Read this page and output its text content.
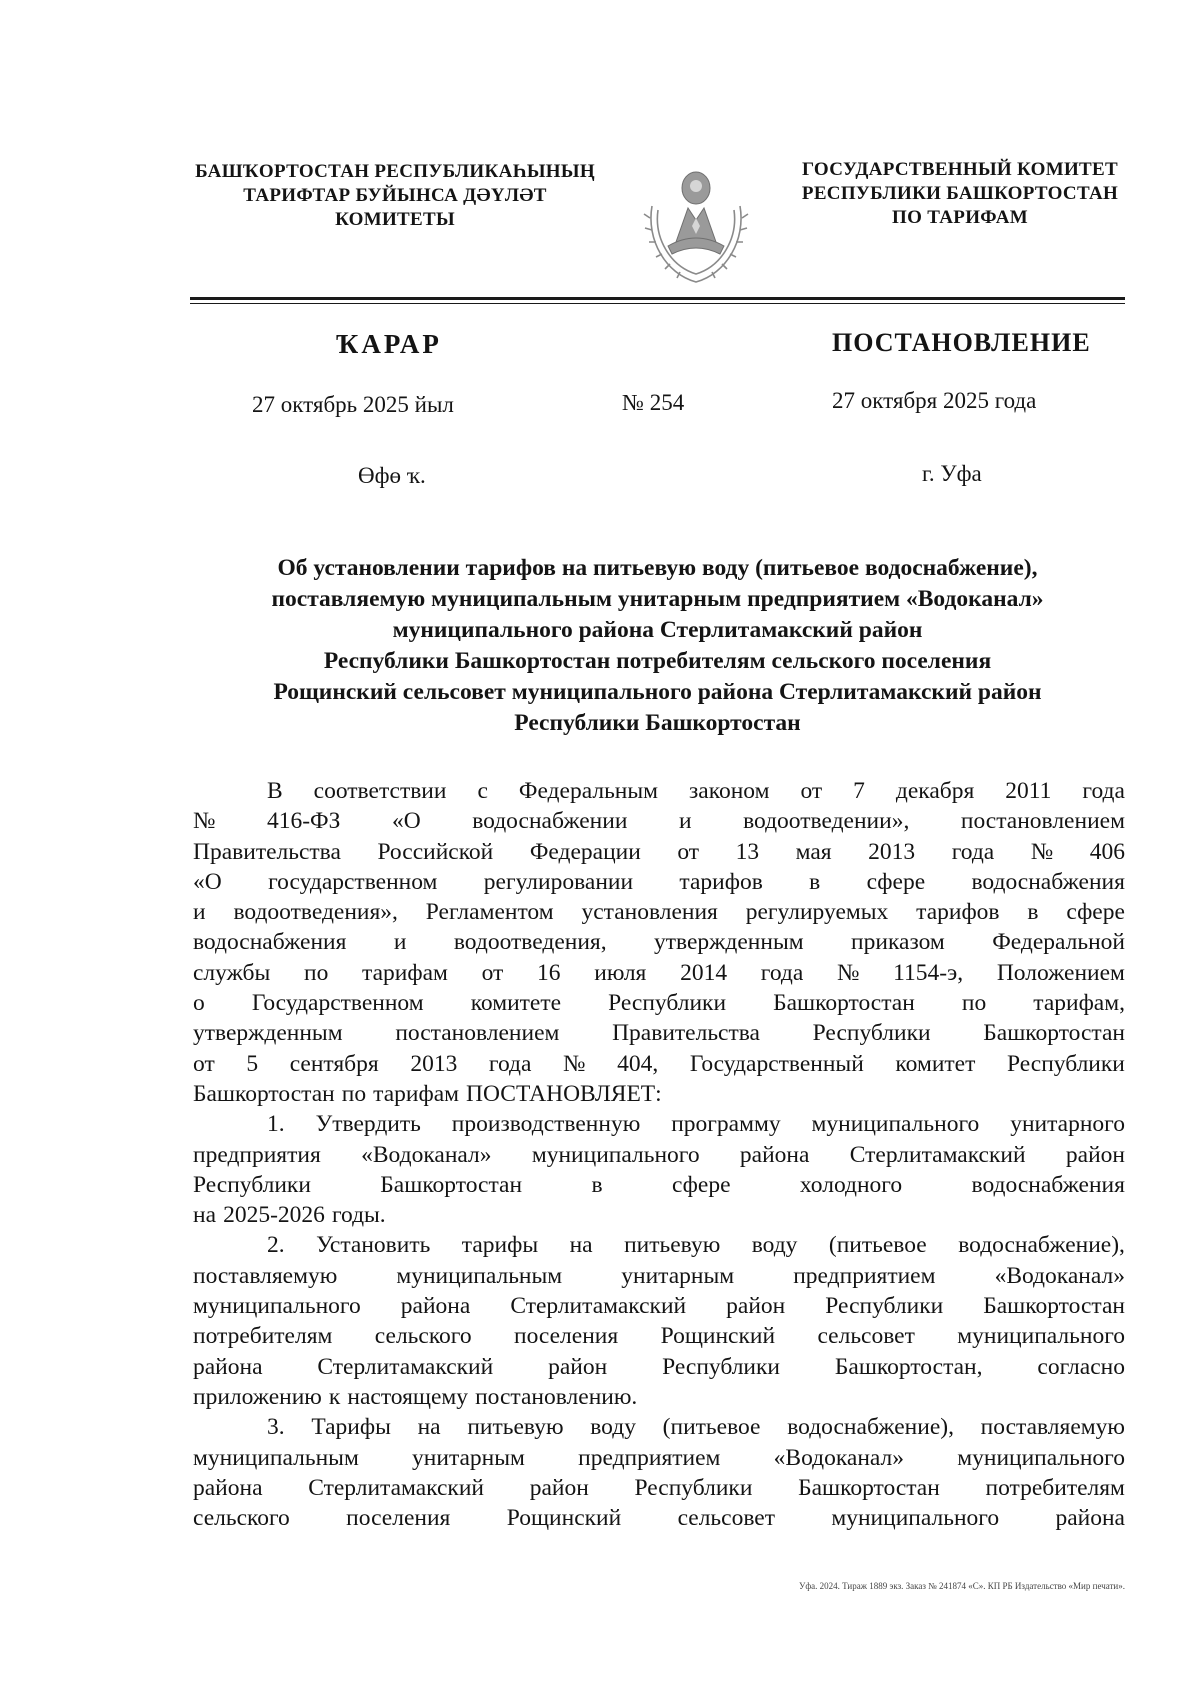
БАШҠОРТОСТАН РЕСПУБЛИКАҺЫНЫҢ
ТАРИФТАР БУЙЫНСА ДӘҮЛӘТ
КОМИТЕТЫ
ГОСУДАРСТВЕННЫЙ КОМИТЕТ
РЕСПУБЛИКИ БАШКОРТОСТАН
ПО ТАРИФАМ
ҠАРАР	ПОСТАНОВЛЕНИЕ
27 октябрь 2025 йыл	№ 254	27 октября 2025 года
Өфө ҡ.	г. Уфа
Об установлении тарифов на питьевую воду (питьевое водоснабжение),
поставляемую муниципальным унитарным предприятием «Водоканал»
муниципального района Стерлитамакский район
Республики Башкортостан потребителям сельского поселения
Рощинский сельсовет муниципального района Стерлитамакский район
Республики Башкортостан
В соответствии с Федеральным законом от 7 декабря 2011 года
№ 416-ФЗ «О водоснабжении и водоотведении», постановлением
Правительства Российской Федерации от 13 мая 2013 года № 406
«О государственном регулировании тарифов в сфере водоснабжения
и водоотведения», Регламентом установления регулируемых тарифов в сфере
водоснабжения и водоотведения, утвержденным приказом Федеральной
службы по тарифам от 16 июля 2014 года № 1154-э, Положением
о Государственном комитете Республики Башкортостан по тарифам,
утвержденным постановлением Правительства Республики Башкортостан
от 5 сентября 2013 года № 404, Государственный комитет Республики
Башкортостан по тарифам ПОСТАНОВЛЯЕТ:
1. Утвердить производственную программу муниципального унитарного
предприятия «Водоканал» муниципального района Стерлитамакский район
Республики	Башкортостан	в	сфере	холодного	водоснабжения
на 2025-2026 годы.
2. Установить тарифы на питьевую воду (питьевое водоснабжение),
поставляемую	муниципальным	унитарным	предприятием	«Водоканал»
муниципального района Стерлитамакский район Республики Башкортостан
потребителям сельского поселения Рощинский сельсовет муниципального
района Стерлитамакский район Республики Башкортостан, согласно
приложению к настоящему постановлению.
3. Тарифы на питьевую воду (питьевое водоснабжение), поставляемую
муниципальным унитарным предприятием «Водоканал» муниципального
района Стерлитамакский район Республики Башкортостан потребителям
сельского поселения Рощинский сельсовет муниципального района
Уфа. 2024. Тираж 1889 экз. Заказ № 241874 «С». КП РБ Издательство «Мир печати».
